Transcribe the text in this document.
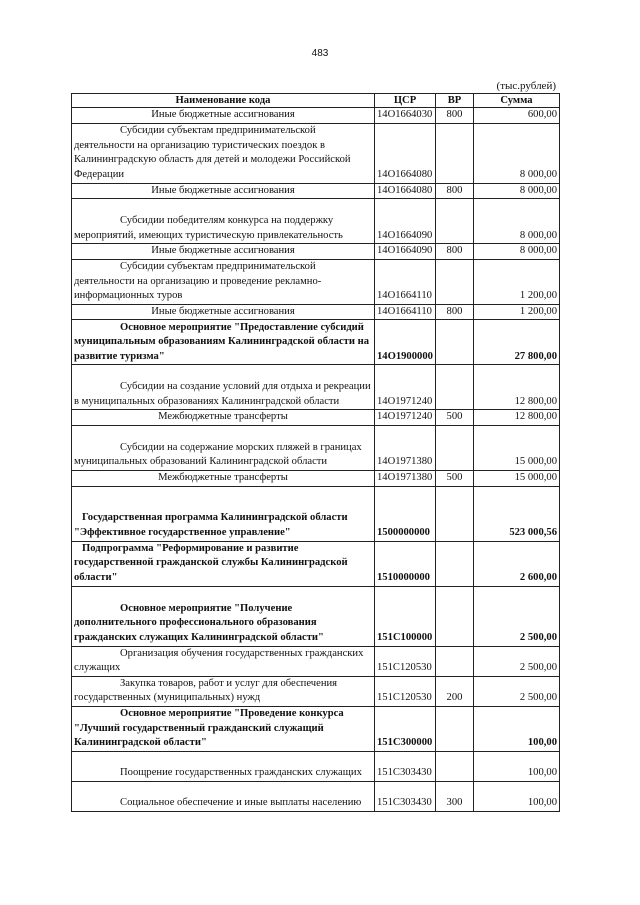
483
(тыс.рублей)
Наименование кода	ЦСР	ВР	Сумма
Иные бюджетные ассигнования	14О1664030	800	600,00
Субсидии субъектам предпринимательской деятельности на организацию туристических поездок в Калининградскую область для детей и молодежи Российской Федерации	14О1664080		8 000,00
Иные бюджетные ассигнования	14О1664080	800	8 000,00
Субсидии победителям конкурса на поддержку мероприятий, имеющих туристическую привлекательность	14О1664090		8 000,00
Иные бюджетные ассигнования	14О1664090	800	8 000,00
Субсидии субъектам предпринимательской деятельности на организацию и проведение рекламно-информационных туров	14О1664110		1 200,00
Иные бюджетные ассигнования	14О1664110	800	1 200,00
Основное мероприятие "Предоставление субсидий муниципальным образованиям Калининградской области на развитие туризма"	14О1900000		27 800,00
Субсидии на создание условий для отдыха и рекреации в муниципальных образованиях Калининградской области	14О1971240		12 800,00
Межбюджетные трансферты	14О1971240	500	12 800,00
Субсидии на содержание морских пляжей в границах муниципальных образований Калининградской области	14О1971380		15 000,00
Межбюджетные трансферты	14О1971380	500	15 000,00
Государственная программа Калининградской области "Эффективное государственное управление"	1500000000		523 000,56
Подпрограмма "Реформирование и развитие государственной гражданской службы Калининградской области"	1510000000		2 600,00
Основное мероприятие "Получение дополнительного профессионального образования гражданских служащих Калининградской области"	151С100000		2 500,00
Организация обучения государственных гражданских служащих	151С120530		2 500,00
Закупка товаров, работ и услуг для обеспечения государственных (муниципальных) нужд	151С120530	200	2 500,00
Основное мероприятие "Проведение конкурса "Лучший государственный гражданский служащий Калининградской области"	151С300000		100,00
Поощрение государственных гражданских служащих	151С303430		100,00
Социальное обеспечение и иные выплаты населению	151С303430	300	100,00
